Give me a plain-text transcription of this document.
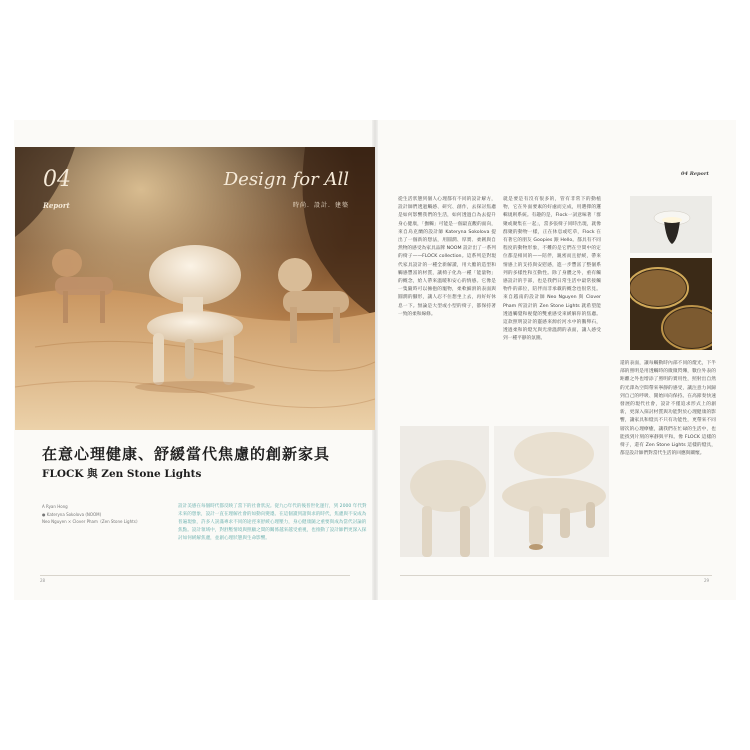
04
Report
Design for All
時尚．設計．建築
在意心理健康、舒緩當代焦慮的創新家具
FLOCK 與 Zen Stone Lights
A Ryan Hong
● Kateryna Sokolova (NOOM)
Neo Nguyen × Clover Pham《Zen Stone Lights》
設計美感在每個時代都反映了當下的社會狀況。從九○年代的後普世化運行，到 2000 年代對未來的想象，設計一直在理解社會的如動向變遷。在這個讀到諸與求的時代，焦慮與不安成為普遍現象，許多人誤滿專求不同的途徑來舒緩心理壓力，身心健康隨之重要與成為當代討論的焦點。設計領域中，對舒壓情境與照顧之間的關係越來越受重視，也推動了設計師們更深入探討如何緩解焦慮，並創心理狀態與生命影響。
28
04 Report
從生活狀態到個人心理都有不同的設計解方，設計師們透過觸感、研究、創作，去探討焦慮是如何影響我們的生活，如何透過自為去提升身心健康，「撫觸」可能是一個最直觀的面向，來自烏克蘭的設計師 Kateryna Sokolova 提出了一個新的想法，用圓潤、厚實、柔韌與自然物的感受為家具品牌 NOOM 設計出了一系列的椅子——FLOCK collection。這系列是對現代家具設計的一種全新解讀，用大膽的造型和觸感豐富的材質，讓椅子化為一種「能量物」的概念，給人帶來溫暖和安心的情感。它像是一隻隨時可以擁抱的寵物，柔軟細滑的表面與圓潤的腳形，讓人忍不住想坐上去，再好好休息一下。無論是大型或小型的椅子，都保持著一致的柔和線條。
就是要是有沒有很多的，管有非常下的動植物，它在外面要素的好處而完成，用選擇的邏輯規則系統。有趣的是，Flock一詞意味著「群聚或聚集在一起」，當多張椅子同時出現，就像群聚的動物一樣，正在休息或吃草，Flock 在有著它的朋友 Goopies 跟 Hello。都具有不同程度的動物形象，不難的是它們在空間中的定位都是相同的——陪伴，親密而且舒緩，帶來情感上的支持與安慰感，進一步豐富了整個系列的多樣性和互動性。除了身體之外，重有觸感設計的手部，也是我們日常生活中最常接觸物件的部位，陪伴而非承載的概念也很常見。來自越南的設計師 Neo Nguyen 與 Clover Pham 所設計的 Zen Stone Lights 就希望能透過觸覺和視覺的雙重感受來緩解你的焦慮。這款照明設計的靈感來源於河水中的鵝卵石，透過柔和的燈光與光滑溫潤的表面，讓人感受到一種平靜的氛圍。
還的表面，讓每觸動時內部不同的燈光，下半部的照明是用透觸時的微微閃爍，數位外表的距離之外也增添了照明的實用性，照射出自然的光澤為空間帶來寧靜的感受，讓注意力回歸到自己的呼吸、開始回向保持。在高節奏快速發展的現代社會，設計不僅追求形式上的創新，更深入探討材質與功能對於心理健康的影響，讓家具和燈具不只有功能性，更帶來不同層次的心理療癒，讓我們在忙碌的生活中，也能找到片刻的寧靜與平和。像 FLOCK 這樣的椅子，還有 Zen Stone Lights 這樣的燈具，都是設計師們對當代生活的回應與關懷。
29
